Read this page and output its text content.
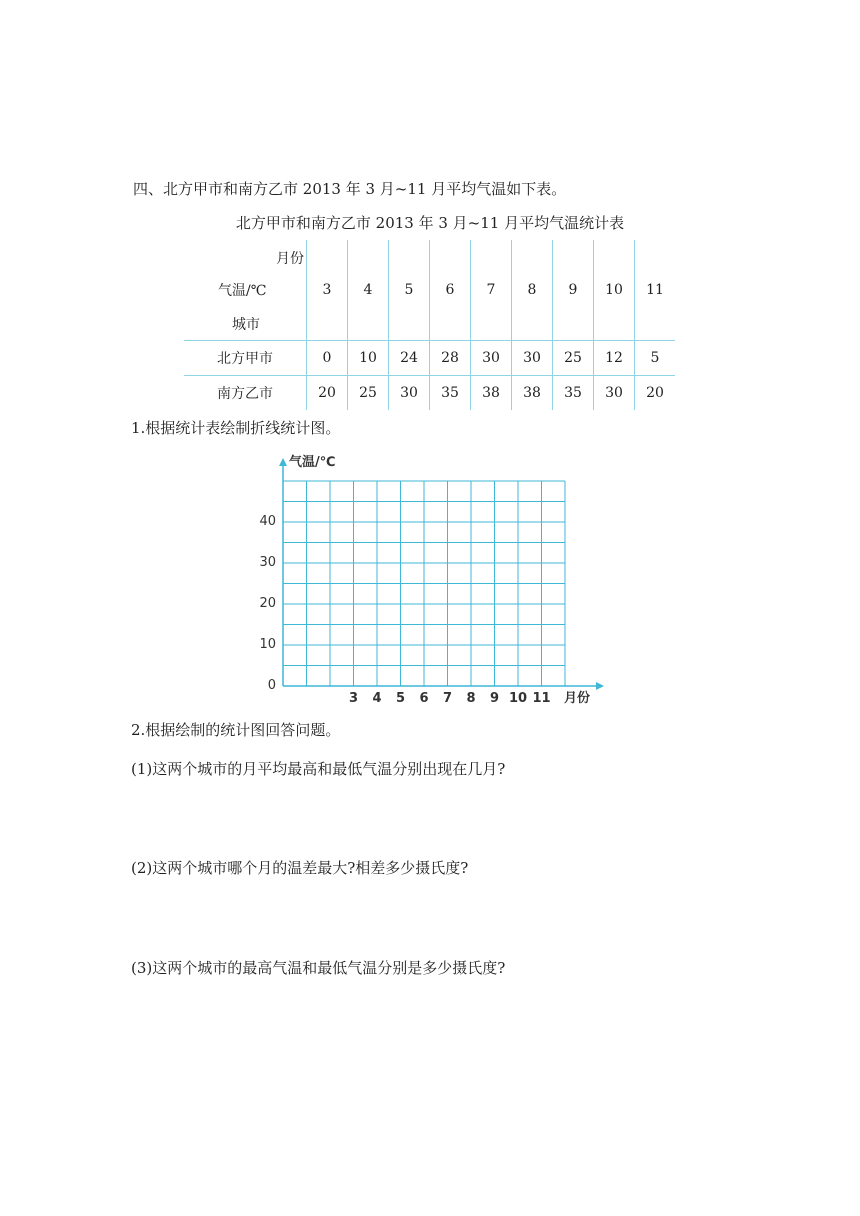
四、北方甲市和南方乙市 2013 年 3 月~11 月平均气温如下表。
北方甲市和南方乙市 2013 年 3 月~11 月平均气温统计表
月份
气温/℃
城市	3	4	5	6	7	8	9	10	11
北方甲市	0	10	24	28	30	30	25	12	5
南方乙市	20	25	30	35	38	38	35	30	20
1.根据统计表绘制折线统计图。
气温/℃
月份
0
10
20
30
40
3 4 5 6 7 8 9 10 11
2.根据绘制的统计图回答问题。
(1)这两个城市的月平均最高和最低气温分别出现在几月?
(2)这两个城市哪个月的温差最大?相差多少摄氏度?
(3)这两个城市的最高气温和最低气温分别是多少摄氏度?
